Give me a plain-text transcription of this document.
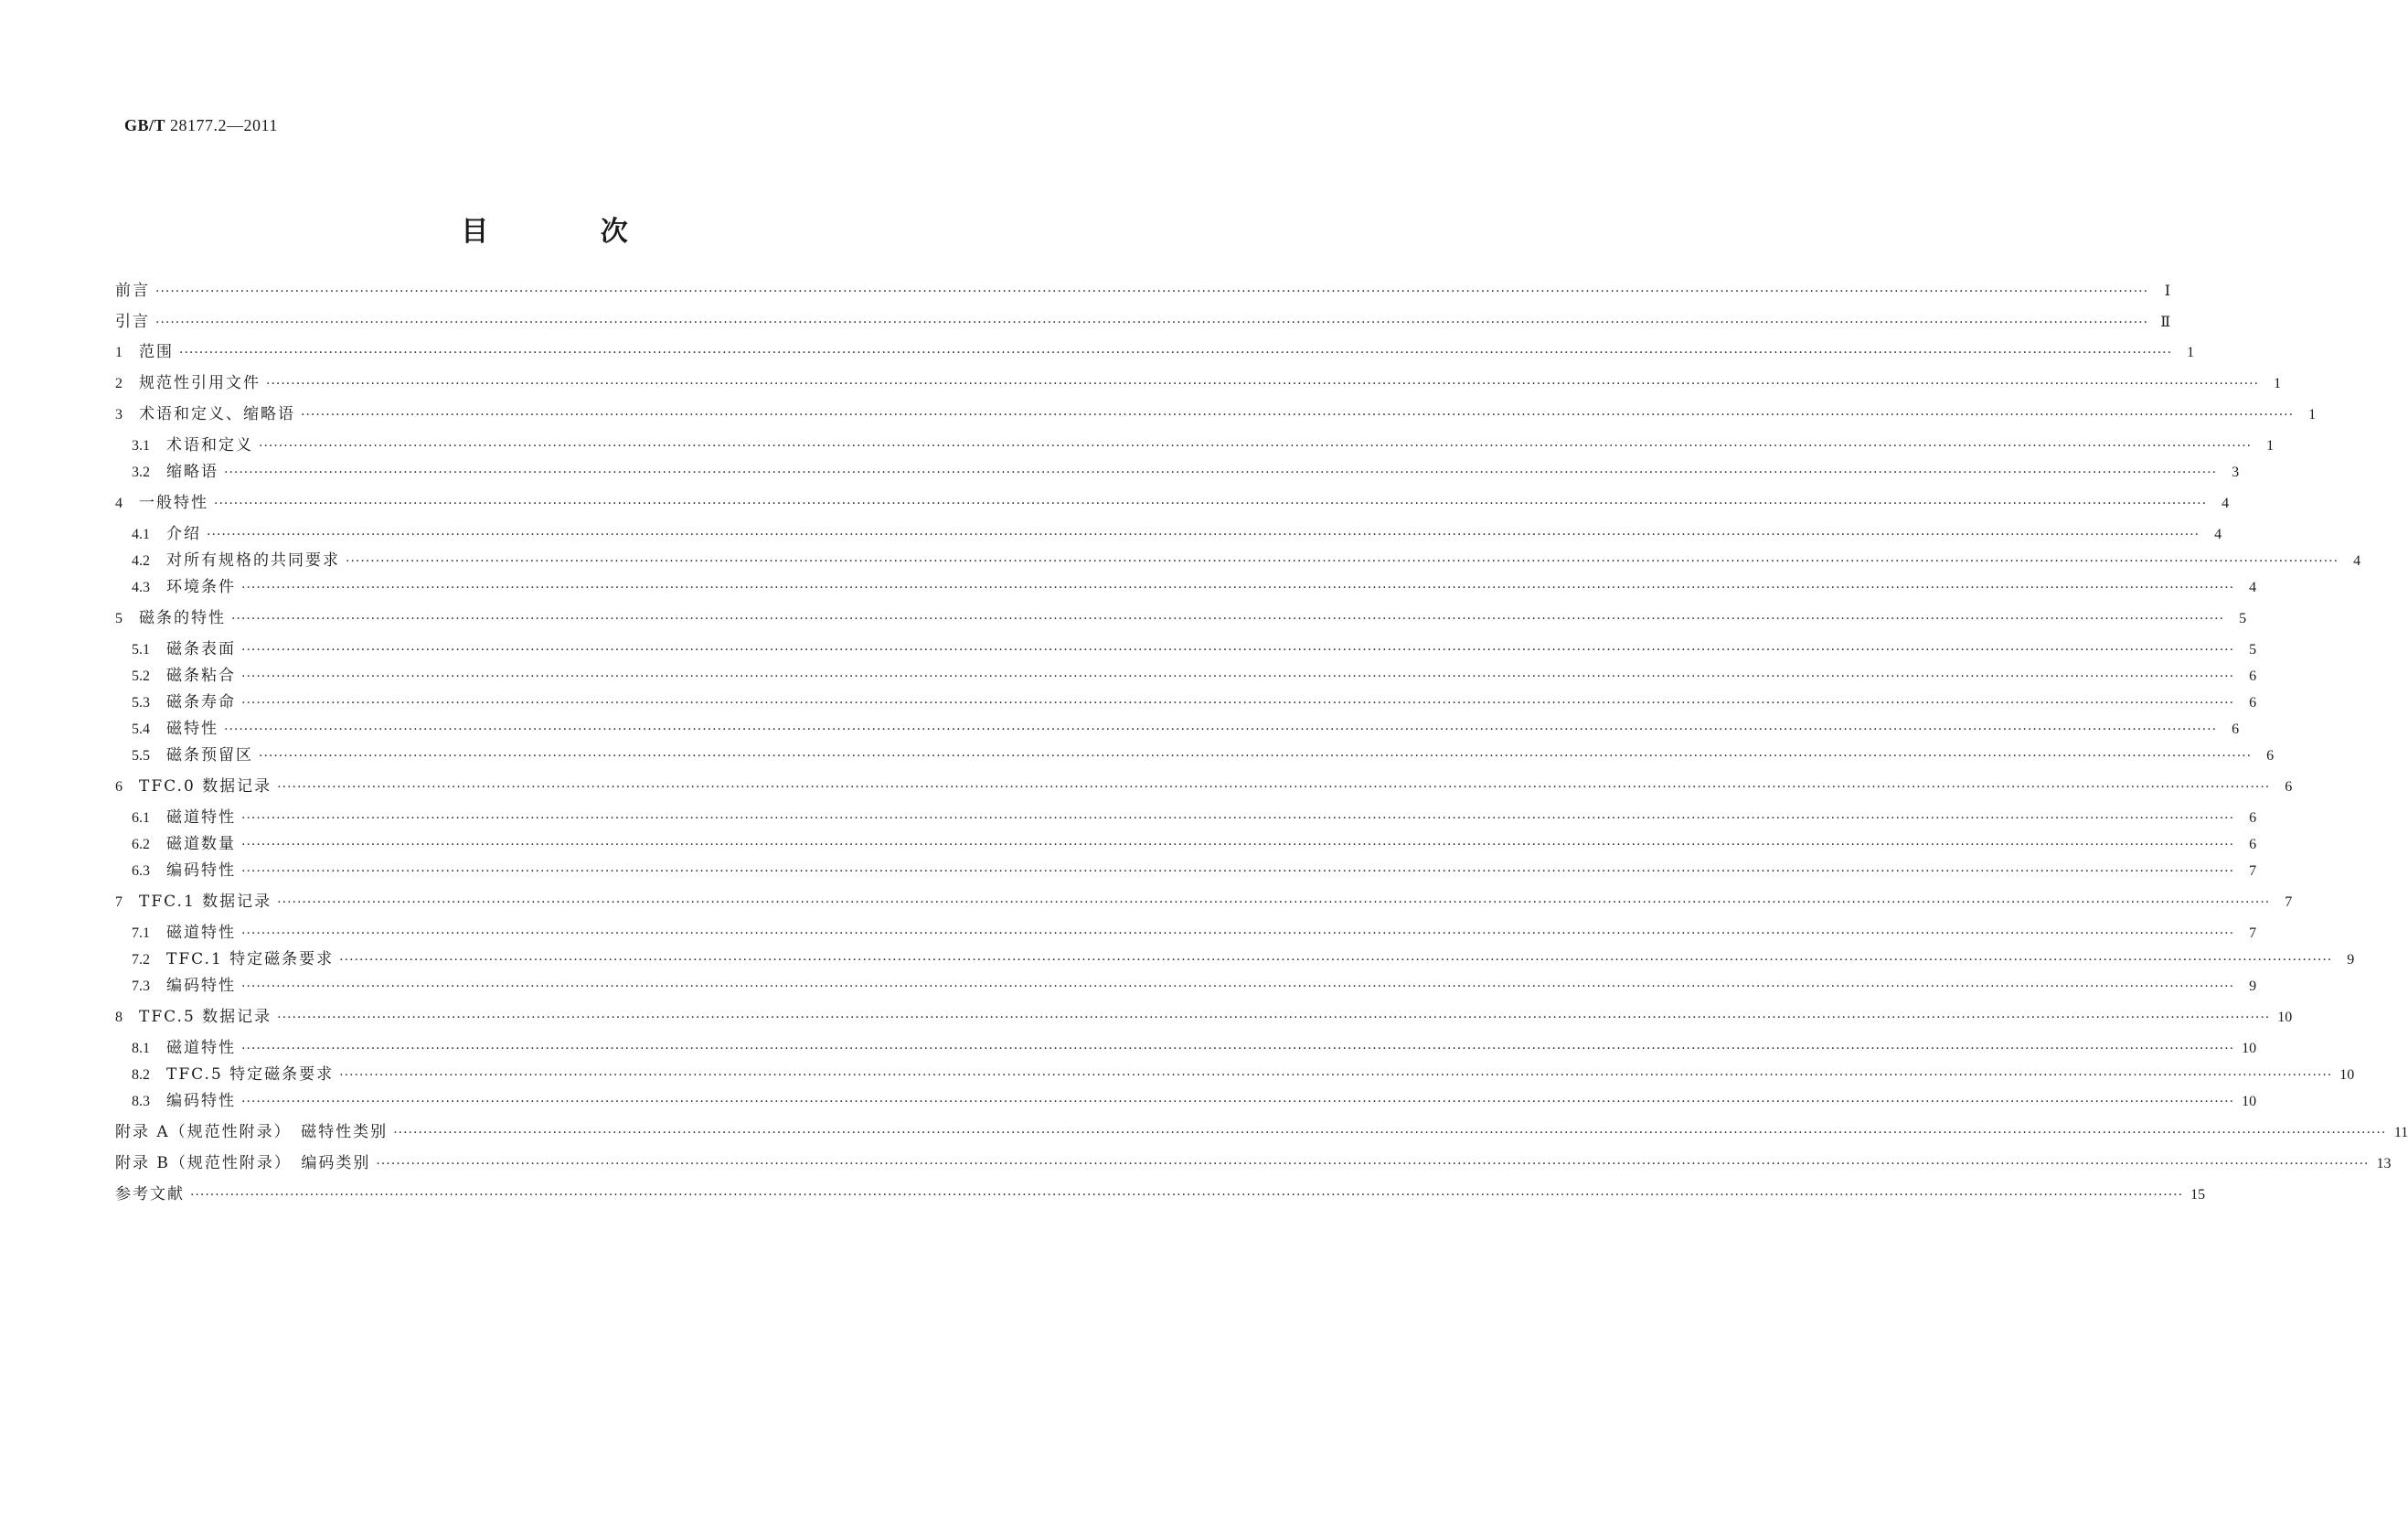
GB/T 28177.2—2011
目 次
前言 ················································································································································································································································································································································································································	Ⅰ
引言 ················································································································································································································································································································································································································ Ⅱ
1 范围 ················································································································································································································································································································································································································	1
2 规范性引用文件 ················································································································································································································································································································································································································	1
3 术语和定义、缩略语 ················································································································································································································································································································································································································	1
3.1 术语和定义 ················································································································································································································································································································································································································	1
3.2 缩略语 ················································································································································································································································································································································································································	3
4 一般特性 ················································································································································································································································································································································································································	4
4.1 介绍 ················································································································································································································································································································································································································	4
4.2 对所有规格的共同要求 ················································································································································································································································································································································································································	4
4.3 环境条件 ················································································································································································································································································································································································································	4
5 磁条的特性 ················································································································································································································································································································································································································	5
5.1 磁条表面 ················································································································································································································································································································································································································	5
5.2 磁条粘合 ················································································································································································································································································································································································································	6
5.3 磁条寿命 ················································································································································································································································································································································································································	6
5.4 磁特性 ················································································································································································································································································································································································································	6
5.5 磁条预留区 ················································································································································································································································································································································································································	6
6 TFC.0 数据记录 ················································································································································································································································································································································································································	6
6.1 磁道特性 ················································································································································································································································································································································································································	6
6.2 磁道数量 ················································································································································································································································································································································································································	6
6.3 编码特性 ················································································································································································································································································································································································································	7
7 TFC.1 数据记录 ················································································································································································································································································································································································································	7
7.1 磁道特性 ················································································································································································································································································································································································································	7
7.2 TFC.1 特定磁条要求 ················································································································································································································································································································································································································	9
7.3 编码特性 ················································································································································································································································································································································································································	9
8 TFC.5 数据记录 ················································································································································································································································································································································································································ 10
8.1 磁道特性 ················································································································································································································································································································································································································ 10
8.2 TFC.5 特定磁条要求 ················································································································································································································································································································································································································ 10
8.3 编码特性 ················································································································································································································································································································································································································ 10
附录 A（规范性附录）　磁特性类别 ················································································································································································································································································································································································································ 11
附录 B（规范性附录）　编码类别 ················································································································································································································································································································································································································ 13
参考文献 ················································································································································································································································································································································································································ 15
